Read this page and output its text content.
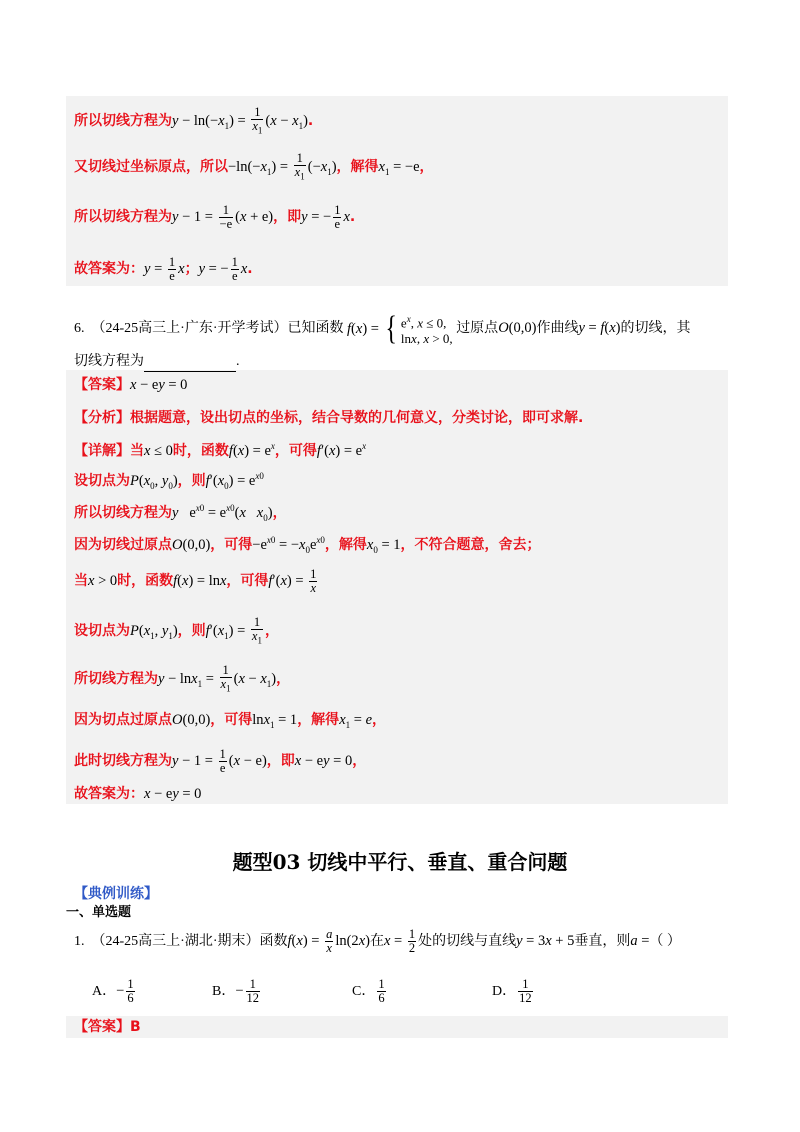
所以切线方程为$y - \ln(-x_1) = \frac{1}{x_1} (x - x_1)$.
又切线过坐标原点，所以$-\ln(-x_1) = \frac{1}{x_1} (-x_1)$，解得$x_1 = -e$，
所以切线方程为$y - 1 = \frac{1}{-e} (x + e)$，即y = − $\frac{1}{e} x$.
故答案为：$y = \frac{1}{e}$ x；y = − $\frac{1}{e} x$.
6. （24-25高三上·广东·开学考试）已知函数 f ( x ) = { $e^x$, x ≤ 0,
lnx, x > 0,
过原点O(0,0)作曲线y = f(x)的切线，其
切线方程为	.
【答案】x − ey = 0
【分析】根据题意，设出切点的坐标，结合导数的几何意义，分类讨论，即可求解.
【详解】当x ≤ 0时，函数$f(x) = e^x$，可得$f'(x) = e^x$
设切点为$P(x_0$, $y_0$)，则$f'(x_0) = e^{x0}$
所以切线方程为y   $e^{x0} = e^{x0}(x$ $x_0$)，
因为切线过原点O(0,0)，可得$-e^{x0} = -x_0e^{x0}$，解得$x_0 = 1$，不符合题意，舍去；
当x > 0时，函数f(x) = lnx，可得$f'(x) = \frac{1}{x}$
设切点为$P(x_1$, $y_1$)，则$f'(x_1) = \frac{1}{x_1}$ ，
所切线方程为$y - \ln x_1 = \frac{1}{x_1} (x - x_1)$，
因为切点过原点O(0,0)，可得lnx$_1$ = 1，解得$x_1 = e$，
此时切线方程为$y - 1 = \frac{1}{e} (x - e)$，即x − ey = 0，
故答案为：x − ey = 0
题型03 切线中平行、垂直、重合问题
【典例训练】
一、单选题
1. （24-25高三上·湖北·期末）函数$f(x) = \frac{a}{x} \ln(2x)$在$x = \frac{1}{2}$ 处的切线与直线y = 3x + 5垂直，则a =（ ）
A．− $\frac{1}{6}$	B．− $\frac{1}{12}$	C． $\frac{1}{6}$	D． $\frac{1}{12}$
【答案】B
